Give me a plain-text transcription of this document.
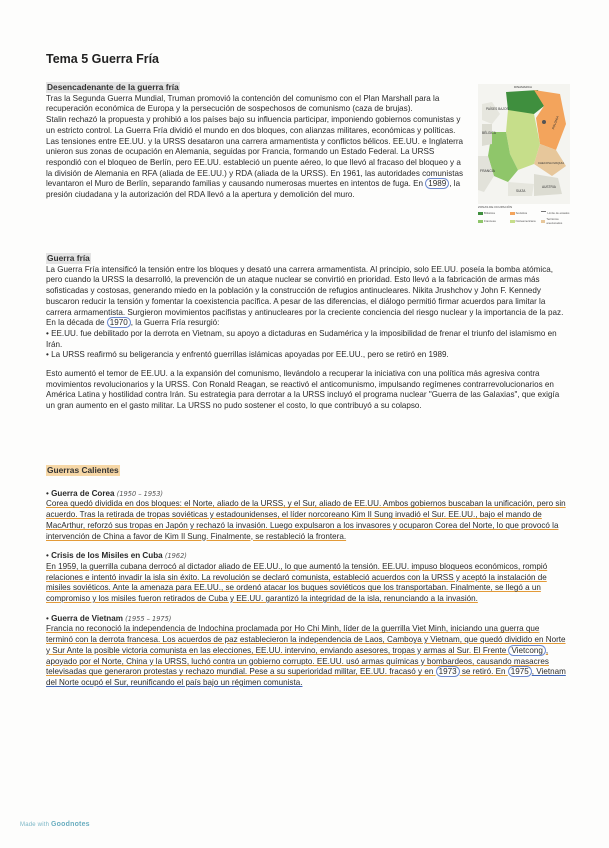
Tema 5 Guerra Fría
Desencadenante de la guerra fría

Tras la Segunda Guerra Mundial, Truman promovió la contención del comunismo con el Plan Marshall para la recuperación económica de Europa y la persecución de sospechosos de comunismo (caza de brujas).

Stalin rechazó la propuesta y prohibió a los países bajo su influencia participar, imponiendo gobiernos comunistas y un estricto control. La Guerra Fría dividió el mundo en dos bloques, con alianzas militares, económicas y políticas. Las tensiones entre EE.UU. y la URSS desataron una carrera armamentista y conflictos bélicos. EE.UU. e Inglaterra unieron sus zonas de ocupación en Alemania, seguidas por Francia, formando un Estado Federal. La URSS respondió con el bloqueo de Berlín, pero EE.UU. estableció un puente aéreo, lo que llevó al fracaso del bloqueo y a la división de Alemania en RFA (aliada de EE.UU.) y RDA (aliada de la URSS). En 1961, las autoridades comunistas levantaron el Muro de Berlín, separando familias y causando numerosas muertes en intentos de fuga. En 1989 , la presión ciudadana y la autorización del RDA llevó a la apertura y demolición del muro.

PAÍSES BAJOS
BÉLGICA
FRANCIA
SUIZA
AUSTRIA
POLONIA
CHECOSLOVAQUIA
DINAMARCA
ZONAS DE OCUPACIÓN
Británica	Soviética	Límite de estados
Francesa	Norteamericana	Territorios anexionados
Guerra fría

La Guerra Fría intensificó la tensión entre los bloques y desató una carrera armamentista. Al principio, solo EE.UU. poseía la bomba atómica, pero cuando la URSS la desarrolló, la prevención de un ataque nuclear se convirtió en prioridad. Esto llevó a la fabricación de armas más sofisticadas y costosas, generando miedo en la población y la construcción de refugios antinucleares. Nikita Jrushchov y John F. Kennedy buscaron reducir la tensión y fomentar la coexistencia pacífica. A pesar de las diferencias, el diálogo permitió firmar acuerdos para limitar la carrera armamentista. Surgieron movimientos pacifistas y antinucleares por la creciente conciencia del riesgo nuclear y la importancia de la paz. En la década de 1970 , la Guerra Fría resurgió:

• EE.UU. fue debilitado por la derrota en Vietnam, su apoyo a dictaduras en Sudamérica y la imposibilidad de frenar el triunfo del islamismo en Irán.

• La URSS reafirmó su beligerancia y enfrentó guerrillas islámicas apoyadas por EE.UU., pero se retiró en 1989.

Esto aumentó el temor de EE.UU. a la expansión del comunismo, llevándolo a recuperar la iniciativa con una política más agresiva contra movimientos revolucionarios y la URSS. Con Ronald Reagan, se reactivó el anticomunismo, impulsando regímenes contrarrevolucionarios en América Latina y hostilidad contra Irán. Su estrategia para derrotar a la URSS incluyó el programa nuclear "Guerra de las Galaxias", que exigía un gran aumento en el gasto militar. La URSS no pudo sostener el costo, lo que contribuyó a su colapso.

Guerras Calientes

• Guerra de Corea (1950 – 1953)

Corea quedó dividida en dos bloques: el Norte, aliado de la URSS, y el Sur, aliado de EE.UU. Ambos gobiernos buscaban la unificación, pero sin acuerdo. Tras la retirada de tropas soviéticas y estadounidenses, el líder norcoreano Kim Il Sung invadió el Sur. EE.UU., bajo el mando de MacArthur, reforzó sus tropas en Japón y rechazó la invasión. Luego expulsaron a los invasores y ocuparon Corea del Norte, lo que provocó la intervención de China a favor de Kim Il Sung. Finalmente, se restableció la frontera.

• Crisis de los Misiles en Cuba (1962)

En 1959, la guerrilla cubana derrocó al dictador aliado de EE.UU., lo que aumentó la tensión. EE.UU. impuso bloqueos económicos, rompió relaciones e intentó invadir la isla sin éxito. La revolución se declaró comunista, estableció acuerdos con la URSS y aceptó la instalación de misiles soviéticos. Ante la amenaza para EE.UU., se ordenó atacar los buques soviéticos que los transportaban. Finalmente, se llegó a un compromiso y los misiles fueron retirados de Cuba y EE.UU. garantizó la integridad de la isla, renunciando a la invasión.

• Guerra de Vietnam (1955 – 1975)

Francia no reconoció la independencia de Indochina proclamada por Ho Chi Minh, líder de la guerrilla Viet Minh, iniciando una guerra que terminó con la derrota francesa. Los acuerdos de paz establecieron la independencia de Laos, Camboya y Vietnam, que quedó dividido en Norte y Sur Ante la posible victoria comunista en las elecciones, EE.UU. intervino, enviando asesores, tropas y armas al Sur. El Frente Vietcong , apoyado por el Norte, China y la URSS, luchó contra un gobierno corrupto. EE.UU. usó armas químicas y bombardeos, causando masacres televisadas que generaron protestas y rechazo mundial. Pese a su superioridad militar, EE.UU. fracasó y en 1973 se retiró. En 1975 , Vietnam del Norte ocupó el Sur, reunificando el país bajo un régimen comunista.

Made with Goodnotes
